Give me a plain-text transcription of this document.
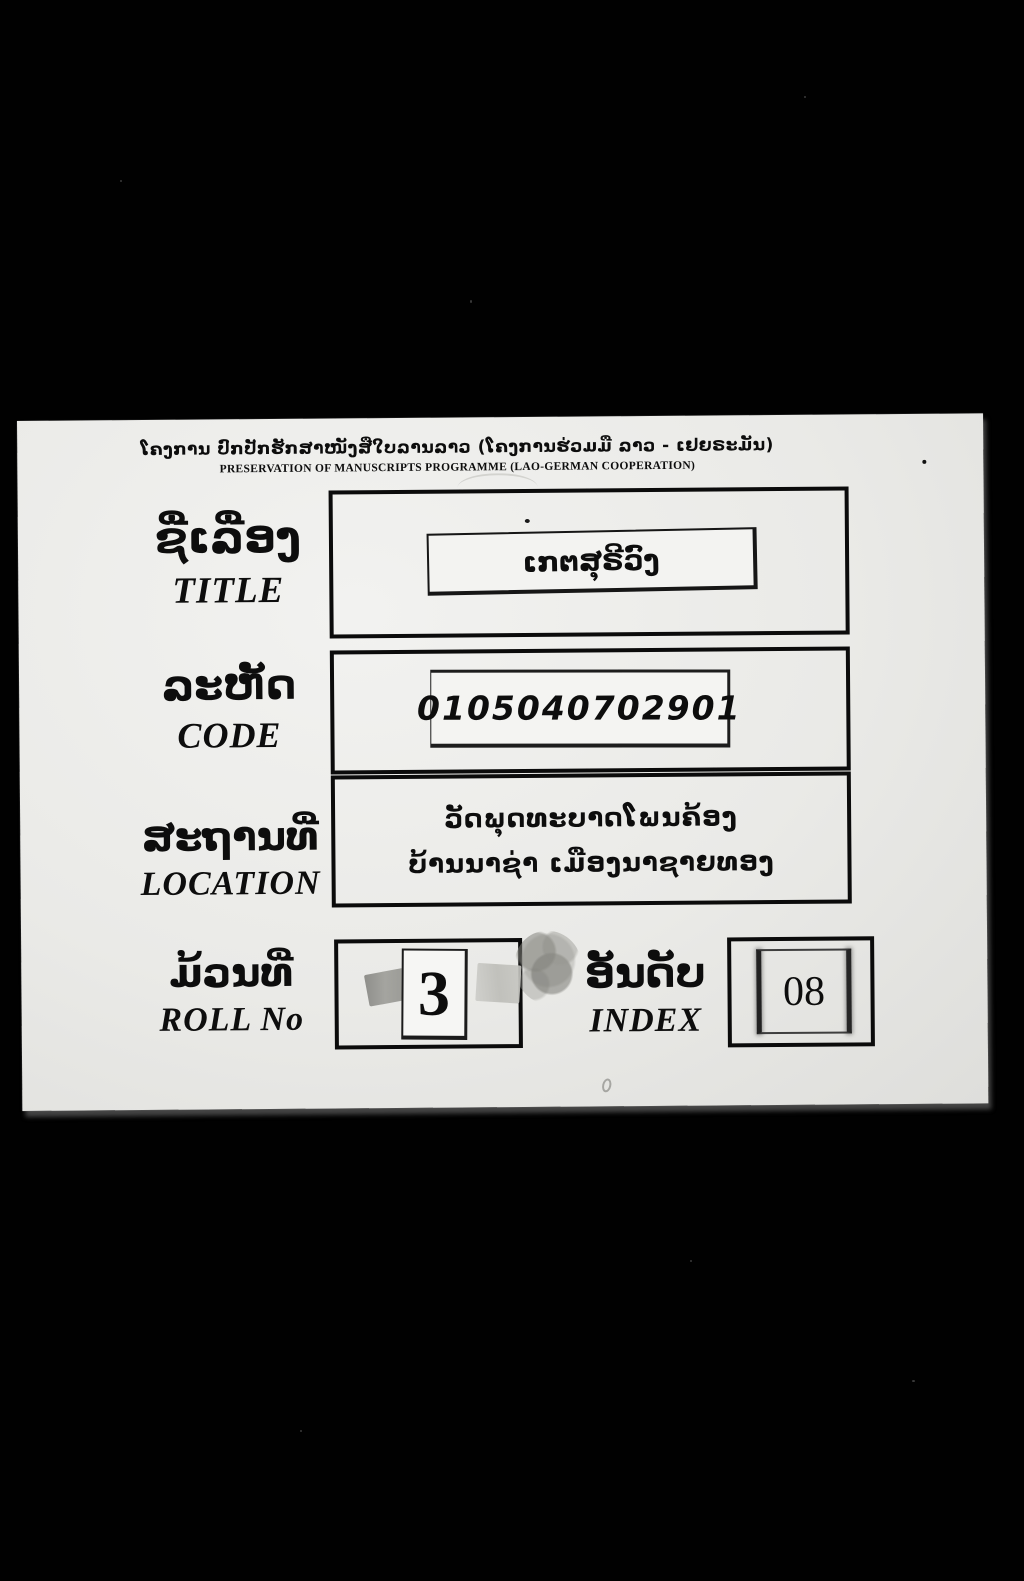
ໂຄງການ ປົກປັກຮັກສາໜັງສືໃບລານລາວ (ໂຄງການຮ່ວມມື ລາວ - ເຢຍຣະມັນ)
PRESERVATION OF MANUSCRIPTS PROGRAMME (LAO-GERMAN COOPERATION)
ຊື່ເລື່ອງ
TITLE
ເກຕສຸຣີວົງ
ລະຫັດ
CODE
0105040702901
ສະຖານທີ່
LOCATION
ວັດພຸດທະບາດໂພນຄ້ອງ
ບ້ານນາຊ່າ ເມືອງນາຊາຍທອງ
ມ້ວນທີ່
ROLL No	3	ອັນດັບ
INDEX
08
